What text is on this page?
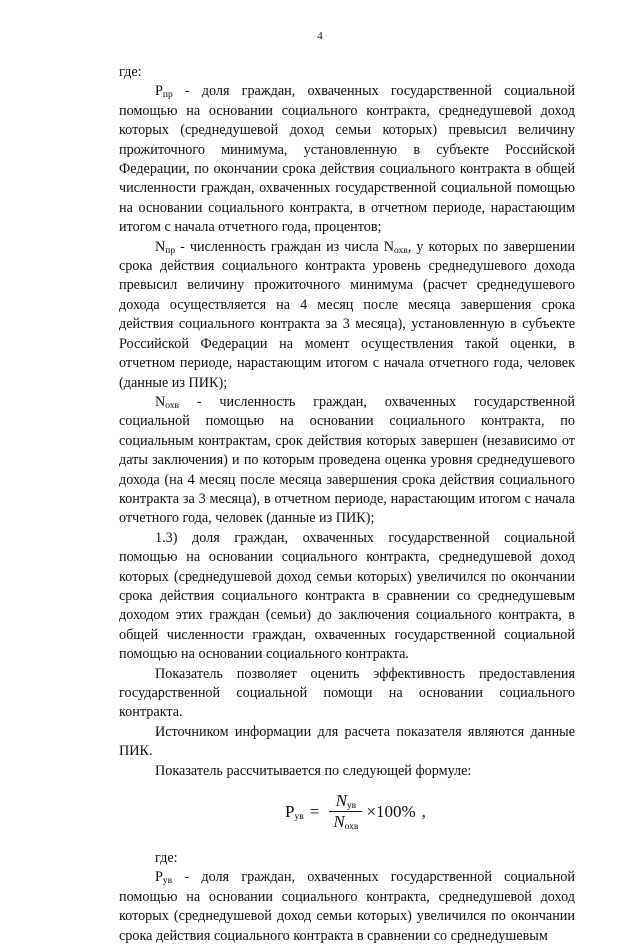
4

где:

$Р_{пр}$ - доля граждан, охваченных государственной социальной помощью на основании социального контракта, среднедушевой доход которых (среднедушевой доход семьи которых) превысил величину прожиточного минимума, установленную в субъекте Российской Федерации, по окончании срока действия социального контракта в общей численности граждан, охваченных государственной социальной помощью на основании социального контракта, в отчетном периоде, нарастающим итогом с начала отчетного года, процентов;

$N_{пр}$ - численность граждан из числа $N_{охв}$, у которых по завершении срока действия социального контракта уровень среднедушевого дохода превысил величину прожиточного минимума (расчет среднедушевого дохода осуществляется на 4 месяц после месяца завершения срока действия социального контракта за 3 месяца), установленную в субъекте Российской Федерации на момент осуществления такой оценки, в отчетном периоде, нарастающим итогом с начала отчетного года, человек (данные из ПИК);

$N_{охв}$ - численность граждан, охваченных государственной социальной помощью на основании социального контракта, по социальным контрактам, срок действия которых завершен (независимо от даты заключения) и по которым проведена оценка уровня среднедушевого дохода (на 4 месяц после месяца завершения срока действия социального контракта за 3 месяца), в отчетном периоде, нарастающим итогом с начала отчетного года, человек (данные из ПИК);

1.3) доля граждан, охваченных государственной социальной помощью на основании социального контракта, среднедушевой доход которых (среднедушевой доход семьи которых) увеличился по окончании срока действия социального контракта в сравнении со среднедушевым доходом этих граждан (семьи) до заключения социального контракта, в общей численности граждан, охваченных государственной социальной помощью на основании социального контракта.

Показатель позволяет оценить эффективность предоставления государственной социальной помощи на основании социального контракта.

Источником информации для расчета показателя являются данные ПИК.

Показатель рассчитывается по следующей формуле:

$Р_{ув} = \frac{N_{ув}}{N_{охв}} \times 100\%$ ,

где:

$Р_{ув}$ - доля граждан, охваченных государственной социальной помощью на основании социального контракта, среднедушевой доход которых (среднедушевой доход семьи которых) увеличился по окончании срока действия социального контракта в сравнении со среднедушевым
